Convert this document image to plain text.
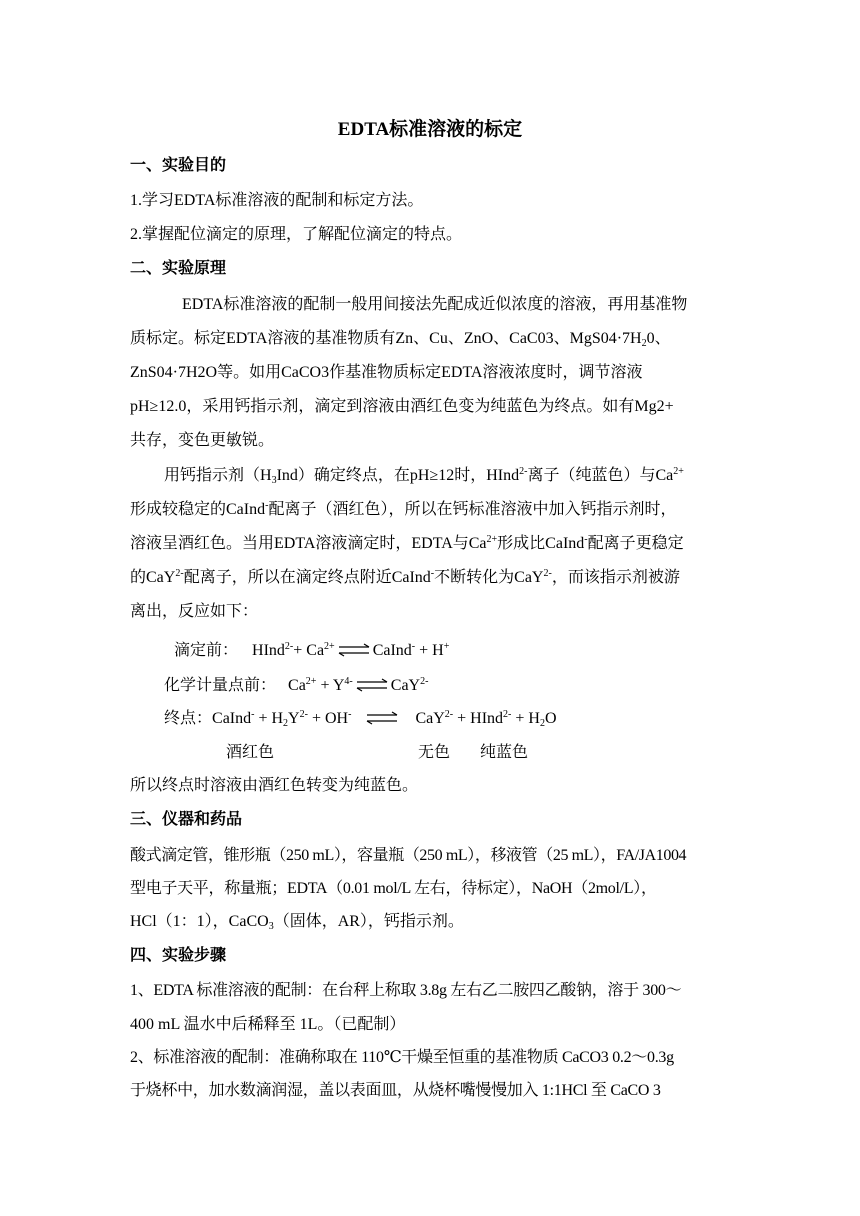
EDTA标准溶液的标定
一、实验目的
1.学习EDTA标准溶液的配制和标定方法。
2.掌握配位滴定的原理，了解配位滴定的特点。
二、实验原理
EDTA标准溶液的配制一般用间接法先配成近似浓度的溶液，再用基准物
质标定。标定EDTA溶液的基准物质有Zn、Cu、ZnO、CaC03、$MgS04\cdot 7H_20$、
ZnS04·7H2O等。如用CaCO3作基准物质标定EDTA溶液浓度时，调节溶液
pH≥12.0，采用钙指示剂，滴定到溶液由酒红色变为纯蓝色为终点。如有Mg2+
共存，变色更敏锐。
用钙指示剂$(H_3Ind)$确定终点，在pH≥12时，HInd$^{2-}$离子（纯蓝色）与$Ca^{2+}$
形成较稳定的CaInd-配离子（酒红色），所以在钙标准溶液中加入钙指示剂时，
溶液呈酒红色。当用EDTA溶液滴定时，EDTA与$Ca^{2+}$形成比CaInd-配离子更稳定
的CaY$^{2-}$配离子，所以在滴定终点附近CaInd-不断转化为CaY$^{2-}$，而该指示剂被游
离出，反应如下：
滴定前： HInd$^{2-}$+ $Ca^{2+}$ ⇌ CaInd- + H+
化学计量点前： $Ca^{2+} + Y^{4-}$ ⇌ CaY$^{2-}$
终点：CaInd- + $H_2Y^{2-} + OH^-$ ⇌ CaY$^{2-}$ + HInd$^{2-}$ + $H_2O$
酒红色	无色 纯蓝色
所以终点时溶液由酒红色转变为纯蓝色。
三、仪器和药品
酸式滴定管，锥形瓶（250 mL），容量瓶（250 mL），移液管（25 mL），FA/JA1004
型电子天平，称量瓶；EDTA（0.01 mol/L 左右，待标定），NaOH（2mol/L），
HCl（1：1），CaCO$_3$（固体，AR），钙指示剂。
四、实验步骤
1、EDTA 标准溶液的配制：在台秤上称取 3.8g 左右乙二胺四乙酸钠，溶于 300～
400 mL 温水中后稀释至 1L。（已配制）
2、标准溶液的配制：准确称取在 110℃干燥至恒重的基准物质 CaCO3 0.2～0.3g
于烧杯中，加水数滴润湿，盖以表面皿，从烧杯嘴慢慢加入 1:1HCl 至 CaCO 3
